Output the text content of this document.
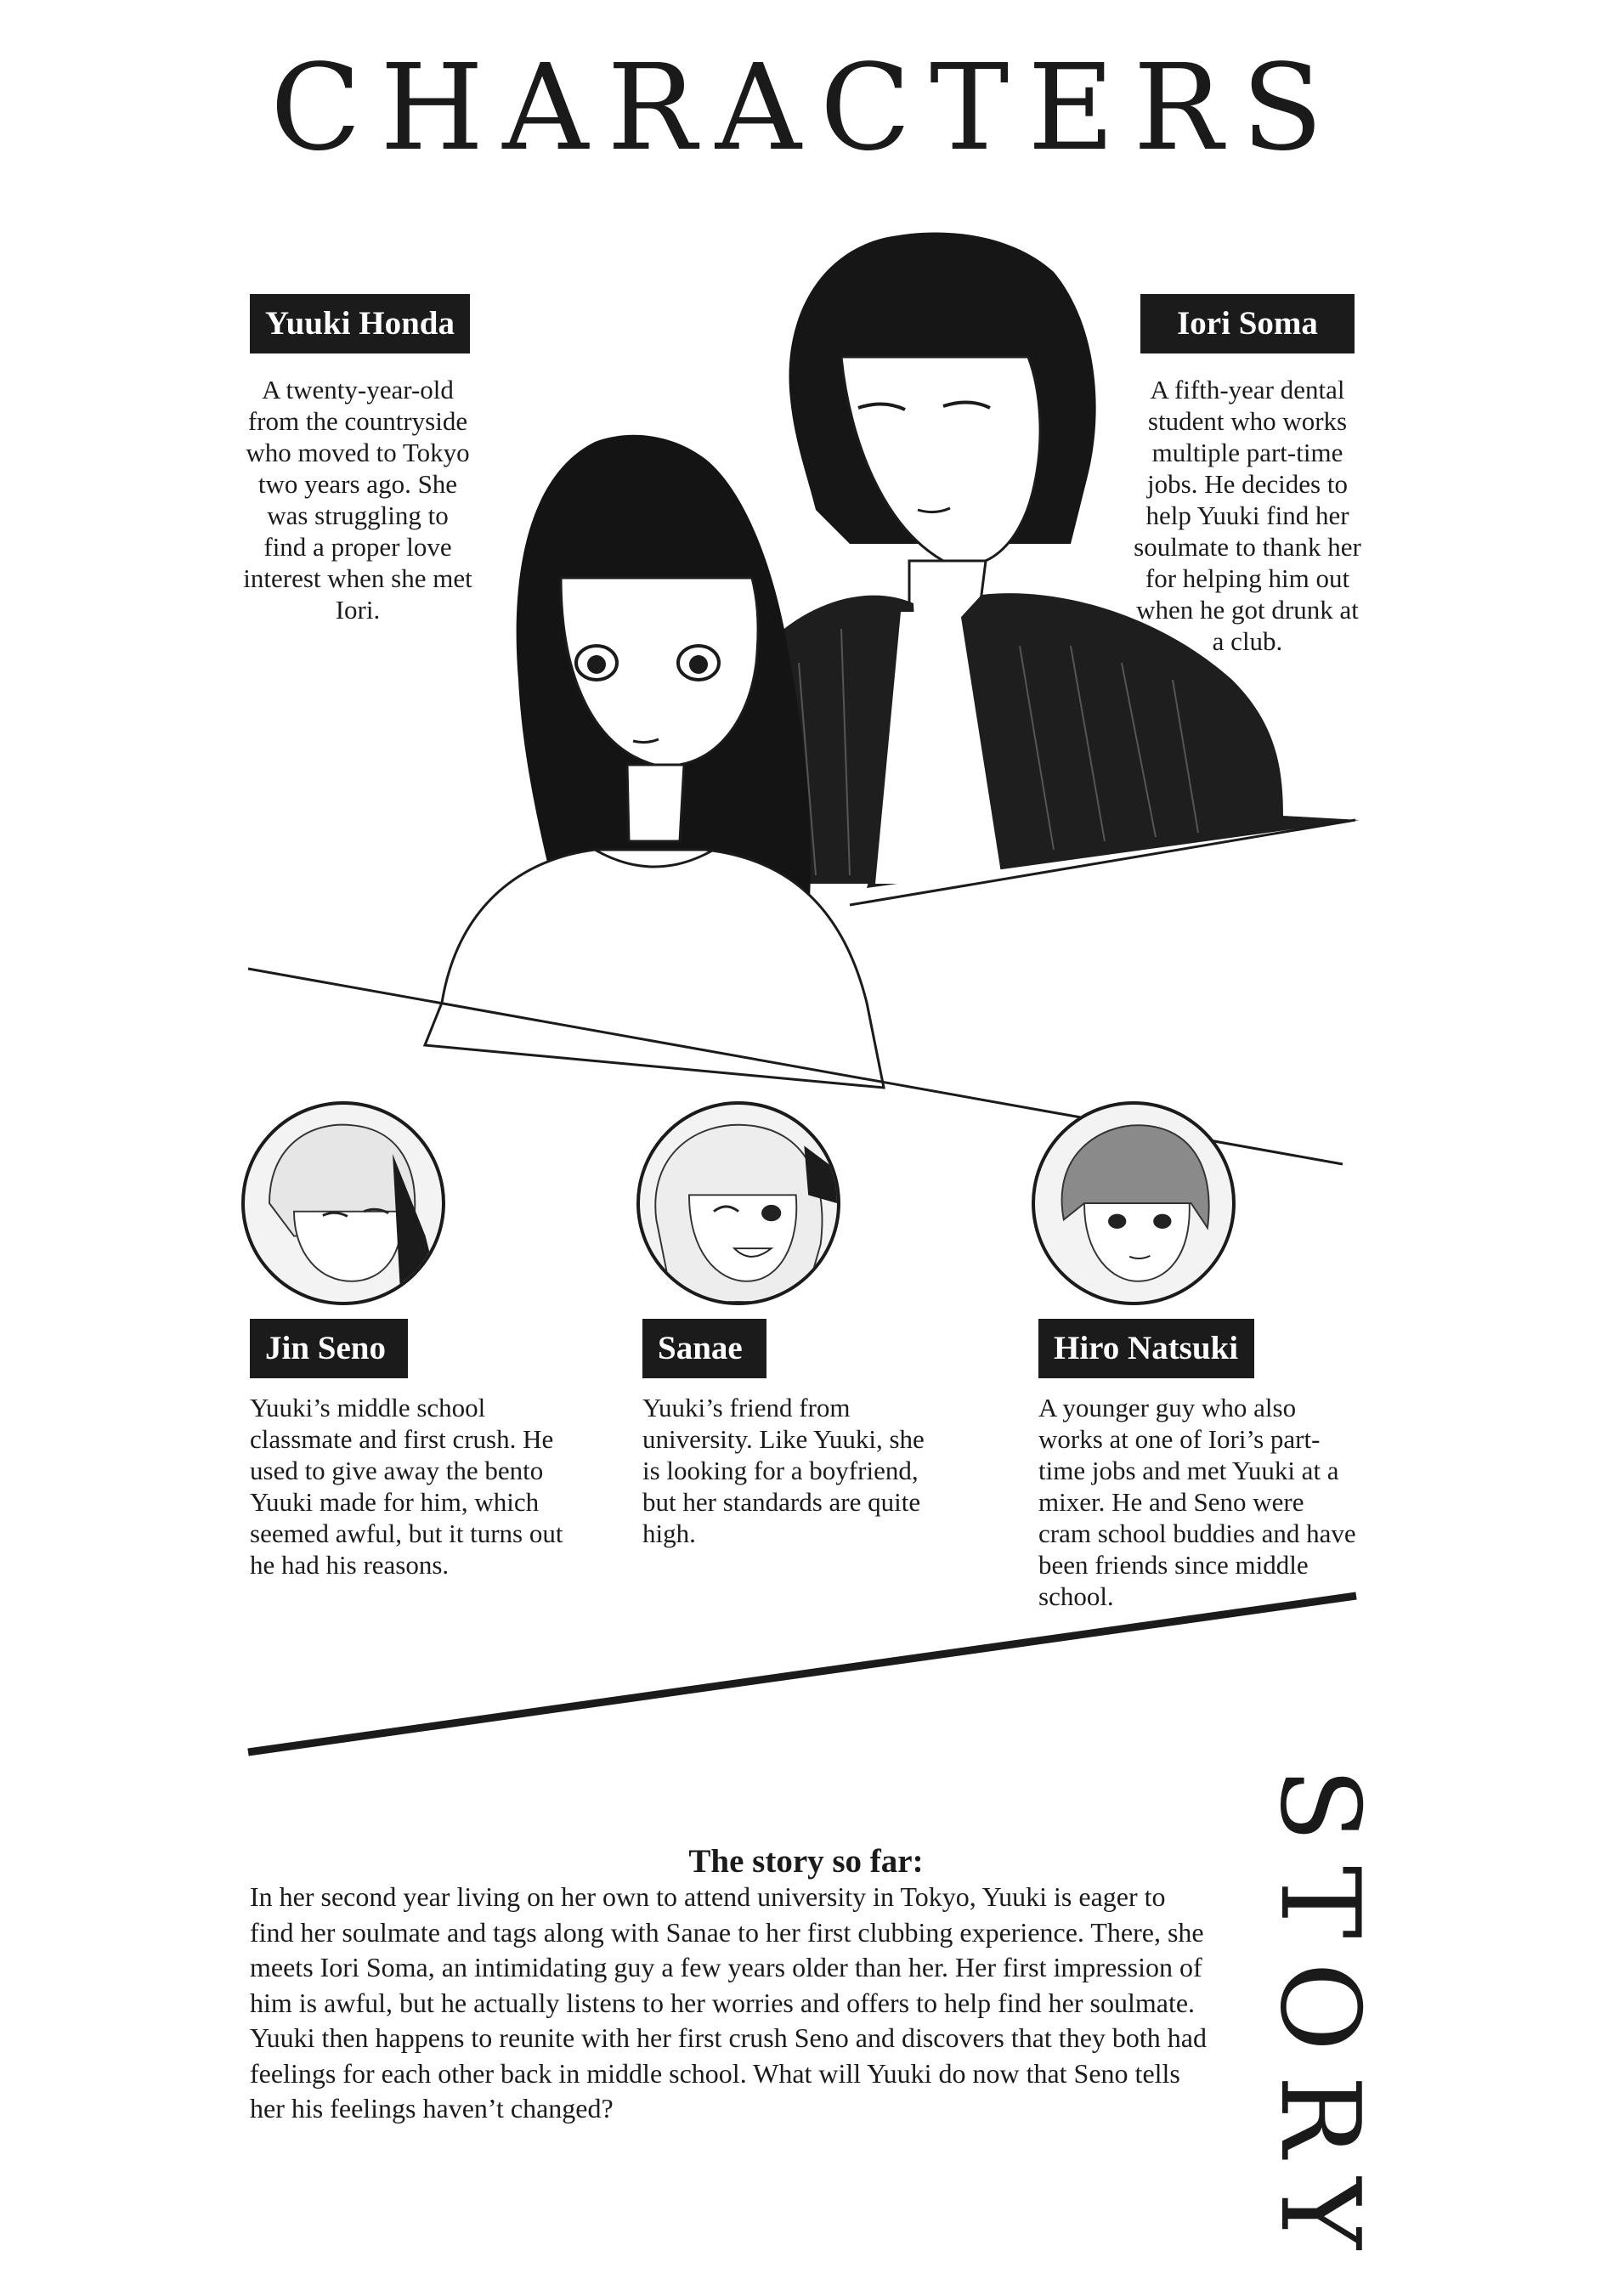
CHARACTERS
Yuuki Honda
A twenty-year-old from the countryside who moved to Tokyo two years ago. She was struggling to find a proper love interest when she met Iori.
Iori Soma
A fifth-year dental student who works multiple part-time jobs. He decides to help Yuuki find her soulmate to thank her for helping him out when he got drunk at a club.
Jin Seno
Yuuki’s middle school classmate and first crush. He used to give away the bento Yuuki made for him, which seemed awful, but it turns out he had his reasons.
Sanae
Yuuki’s friend from university. Like Yuuki, she is looking for a boyfriend, but her standards are quite high.
Hiro Natsuki
A younger guy who also works at one of Iori’s part-time jobs and met Yuuki at a mixer. He and Seno were cram school buddies and have been friends since middle school.
The story so far:
In her second year living on her own to attend university in Tokyo, Yuuki is eager to find her soulmate and tags along with Sanae to her first clubbing experience. There, she meets Iori Soma, an intimidating guy a few years older than her. Her first impression of him is awful, but he actually listens to her worries and offers to help find her soulmate. Yuuki then happens to reunite with her first crush Seno and discovers that they both had feelings for each other back in middle school. What will Yuuki do now that Seno tells her his feelings haven’t changed?	STORY
